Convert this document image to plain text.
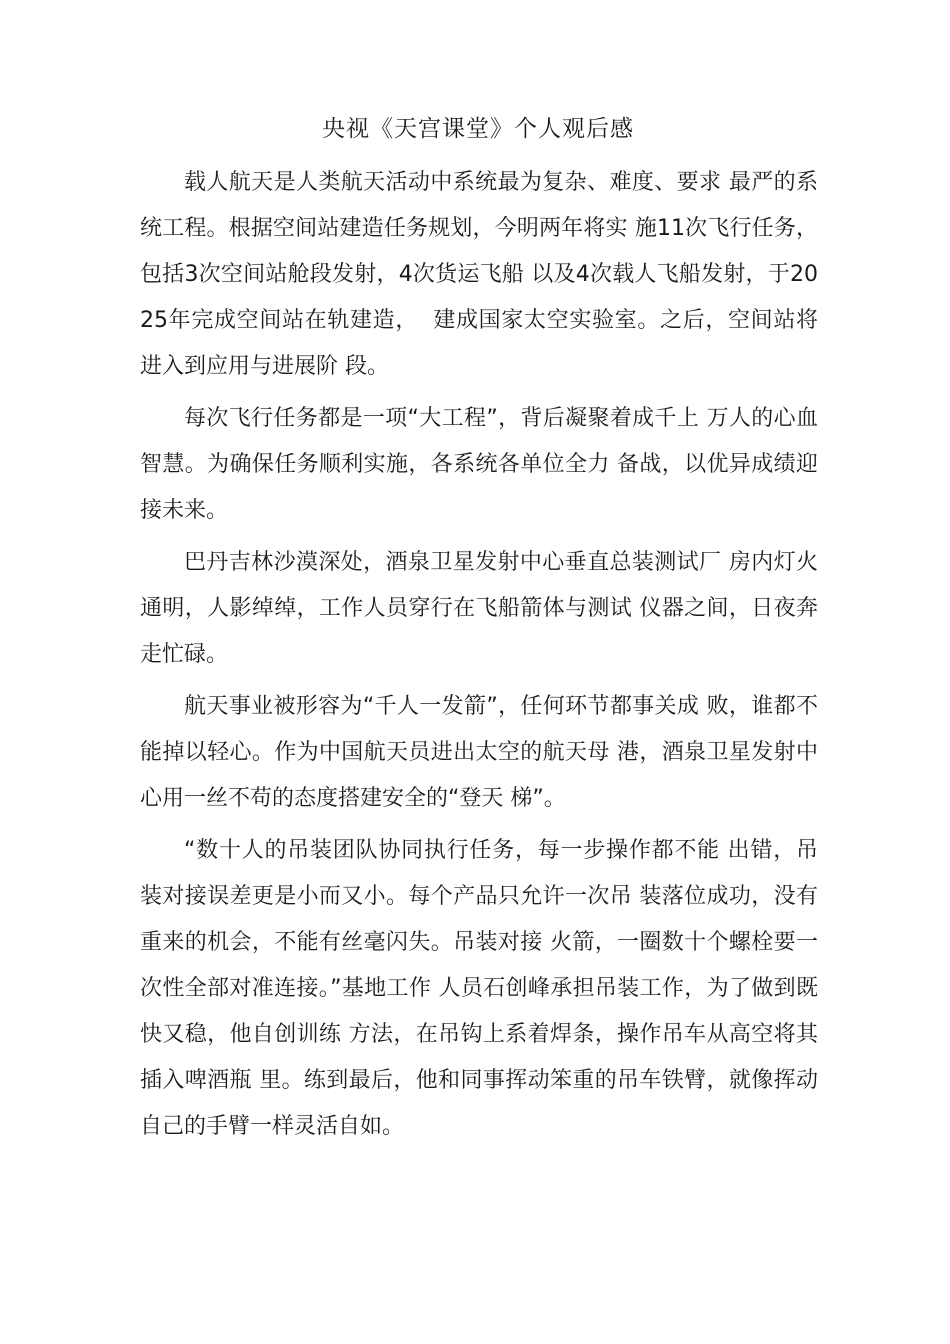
央视《天宫课堂》个人观后感

载人航天是人类航天活动中系统最为复杂、难度、要求 最严的系统工程。根据空间站建造任务规划，今明两年将实 施11次飞行任务，包括3次空间站舱段发射，4次货运飞船 以及4次载人飞船发射，于2025年完成空间站在轨建造，  建成国家太空实验室。之后，空间站将进入到应用与进展阶 段。

每次飞行任务都是一项“大工程”，背后凝聚着成千上 万人的心血智慧。为确保任务顺利实施，各系统各单位全力 备战，以优异成绩迎接未来。

巴丹吉林沙漠深处，酒泉卫星发射中心垂直总装测试厂 房内灯火通明，人影绰绰，工作人员穿行在飞船箭体与测试 仪器之间，日夜奔走忙碌。

航天事业被形容为“千人一发箭”，任何环节都事关成 败，谁都不能掉以轻心。作为中国航天员进出太空的航天母 港，酒泉卫星发射中心用一丝不苟的态度搭建安全的“登天 梯”。

“数十人的吊装团队协同执行任务，每一步操作都不能 出错，吊装对接误差更是小而又小。每个产品只允许一次吊 装落位成功，没有重来的机会，不能有丝毫闪失。吊装对接 火箭，一圈数十个螺栓要一次性全部对准连接。”基地工作 人员石创峰承担吊装工作，为了做到既快又稳，他自创训练 方法，在吊钩上系着焊条，操作吊车从高空将其插入啤酒瓶 里。练到最后，他和同事挥动笨重的吊车铁臂，就像挥动 自己的手臂一样灵活自如。
